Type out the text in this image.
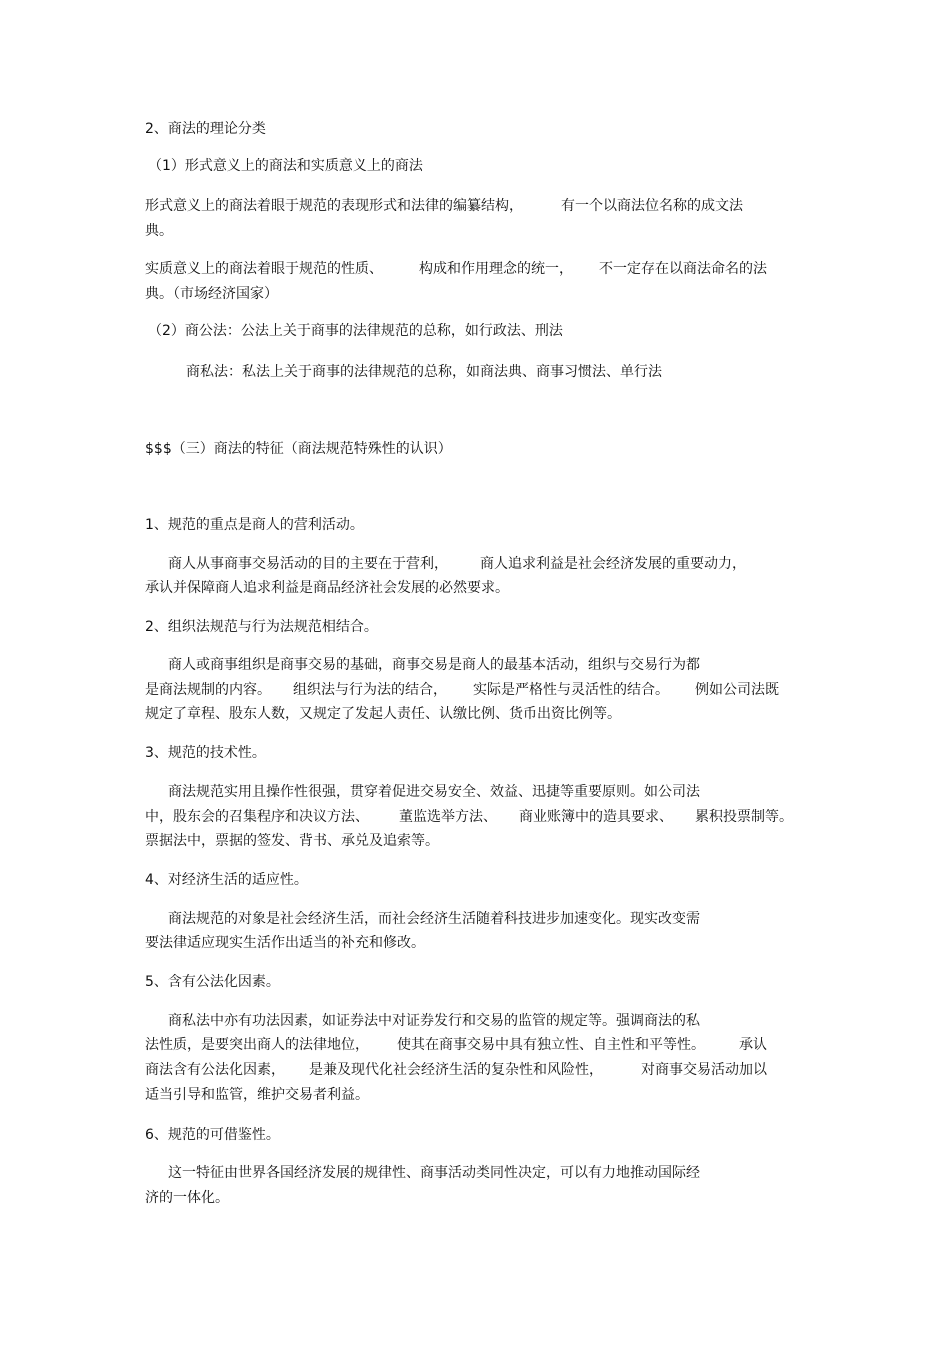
2、商法的理论分类
（1）形式意义上的商法和实质意义上的商法
形式意义上的商法着眼于规范的表现形式和法律的编纂结构，	有一个以商法位名称的成文法
典。
实质意义上的商法着眼于规范的性质、	构成和作用理念的统一， 不一定存在以商法命名的法
典。（市场经济国家）
（2）商公法：公法上关于商事的法律规范的总称，如行政法、刑法
商私法：私法上关于商事的法律规范的总称，如商法典、商事习惯法、单行法
$$$（三）商法的特征（商法规范特殊性的认识）
1、规范的重点是商人的营利活动。
商人从事商事交易活动的目的主要在于营利， 商人追求利益是社会经济发展的重要动力，
承认并保障商人追求利益是商品经济社会发展的必然要求。
2、组织法规范与行为法规范相结合。
商人或商事组织是商事交易的基础，商事交易是商人的最基本活动，组织与交易行为都
是商法规制的内容。 组织法与行为法的结合， 实际是严格性与灵活性的结合。 例如公司法既
规定了章程、股东人数，又规定了发起人责任、认缴比例、货币出资比例等。
3、规范的技术性。
商法规范实用且操作性很强，贯穿着促进交易安全、效益、迅捷等重要原则。如公司法
中，股东会的召集程序和决议方法、 董监选举方法、 商业账簿中的造具要求、 累积投票制等。
票据法中，票据的签发、背书、承兑及追索等。
4、对经济生活的适应性。
商法规范的对象是社会经济生活，而社会经济生活随着科技进步加速变化。现实改变需
要法律适应现实生活作出适当的补充和修改。
5、含有公法化因素。
商私法中亦有功法因素，如证券法中对证券发行和交易的监管的规定等。强调商法的私
法性质，是要突出商人的法律地位， 使其在商事交易中具有独立性、自主性和平等性。 承认
商法含有公法化因素， 是兼及现代化社会经济生活的复杂性和风险性，	对商事交易活动加以
适当引导和监管，维护交易者利益。
6、规范的可借鉴性。
这一特征由世界各国经济发展的规律性、商事活动类同性决定，可以有力地推动国际经
济的一体化。
